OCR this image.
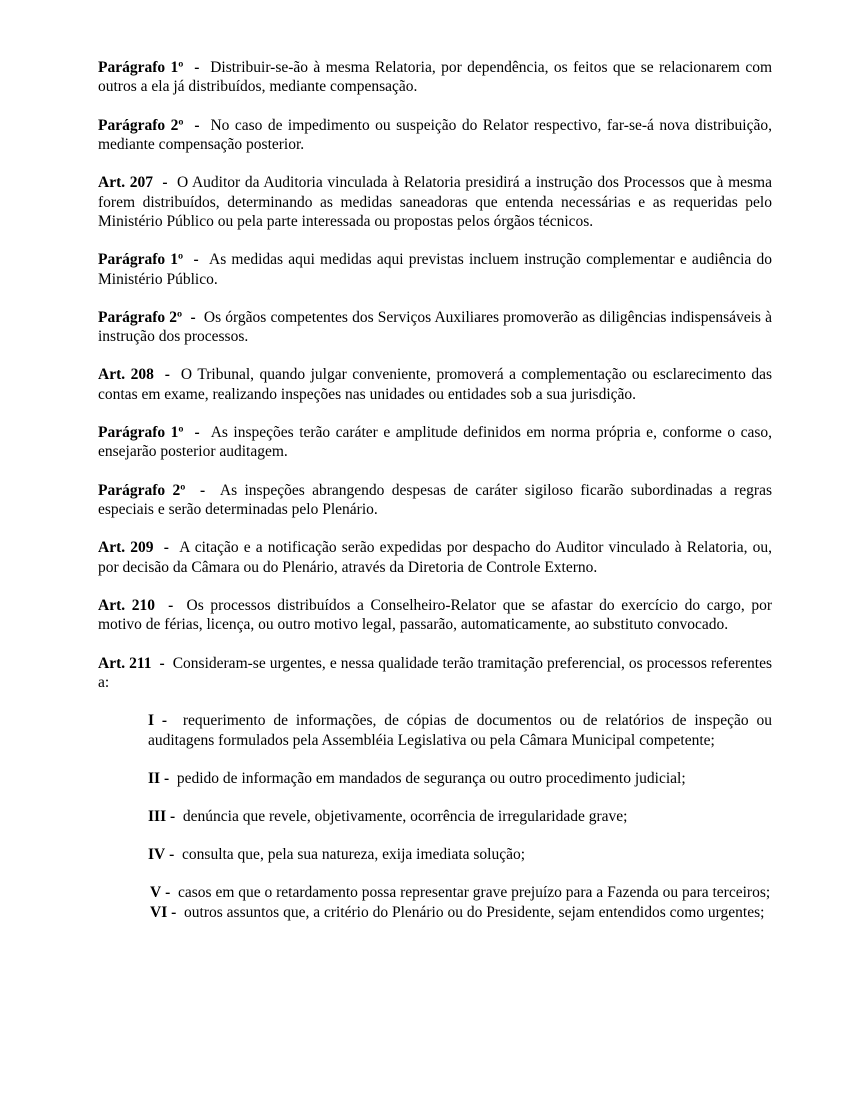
Parágrafo 1º  -  Distribuir-se-ão à mesma Relatoria, por dependência, os feitos que se relacionarem com outros a ela já distribuídos, mediante compensação.

Parágrafo 2º  -  No caso de impedimento ou suspeição do Relator respectivo, far-se-á nova distribuição, mediante compensação posterior.

Art. 207  -  O Auditor da Auditoria vinculada à Relatoria presidirá a instrução dos Processos que à mesma forem distribuídos, determinando as medidas saneadoras que entenda necessárias e as requeridas pelo Ministério Público ou pela parte interessada ou propostas pelos órgãos técnicos.

Parágrafo 1º  -  As medidas aqui medidas aqui previstas incluem instrução complementar e audiência do Ministério Público.

Parágrafo 2º  -  Os órgãos competentes dos Serviços Auxiliares promoverão as diligências indispensáveis à instrução dos processos.

Art. 208  -  O Tribunal, quando julgar conveniente, promoverá a complementação ou esclarecimento das contas em exame, realizando inspeções nas unidades ou entidades sob a sua jurisdição.

Parágrafo 1º  -  As inspeções terão caráter e amplitude definidos em norma própria e, conforme o caso, ensejarão posterior auditagem.

Parágrafo 2º  -  As inspeções abrangendo despesas de caráter sigiloso ficarão subordinadas a regras especiais e serão determinadas pelo Plenário.

Art. 209  -  A citação e a notificação serão expedidas por despacho do Auditor vinculado à Relatoria, ou, por decisão da Câmara ou do Plenário, através da Diretoria de Controle Externo.

Art. 210  -  Os processos distribuídos a Conselheiro-Relator que se afastar do exercício do cargo, por motivo de férias, licença, ou outro motivo legal, passarão, automaticamente, ao substituto convocado.

Art. 211  -  Consideram-se urgentes, e nessa qualidade terão tramitação preferencial, os processos referentes a:

I -  requerimento de informações, de cópias de documentos ou de relatórios de inspeção ou auditagens formulados pela Assembléia Legislativa ou pela Câmara Municipal competente;

II -  pedido de informação em mandados de segurança ou outro procedimento judicial;

III -  denúncia que revele, objetivamente, ocorrência de irregularidade grave;

IV -  consulta que, pela sua natureza, exija imediata solução;

V -  casos em que o retardamento possa representar grave prejuízo para a Fazenda ou para terceiros;

VI -  outros assuntos que, a critério do Plenário ou do Presidente, sejam entendidos como urgentes;
